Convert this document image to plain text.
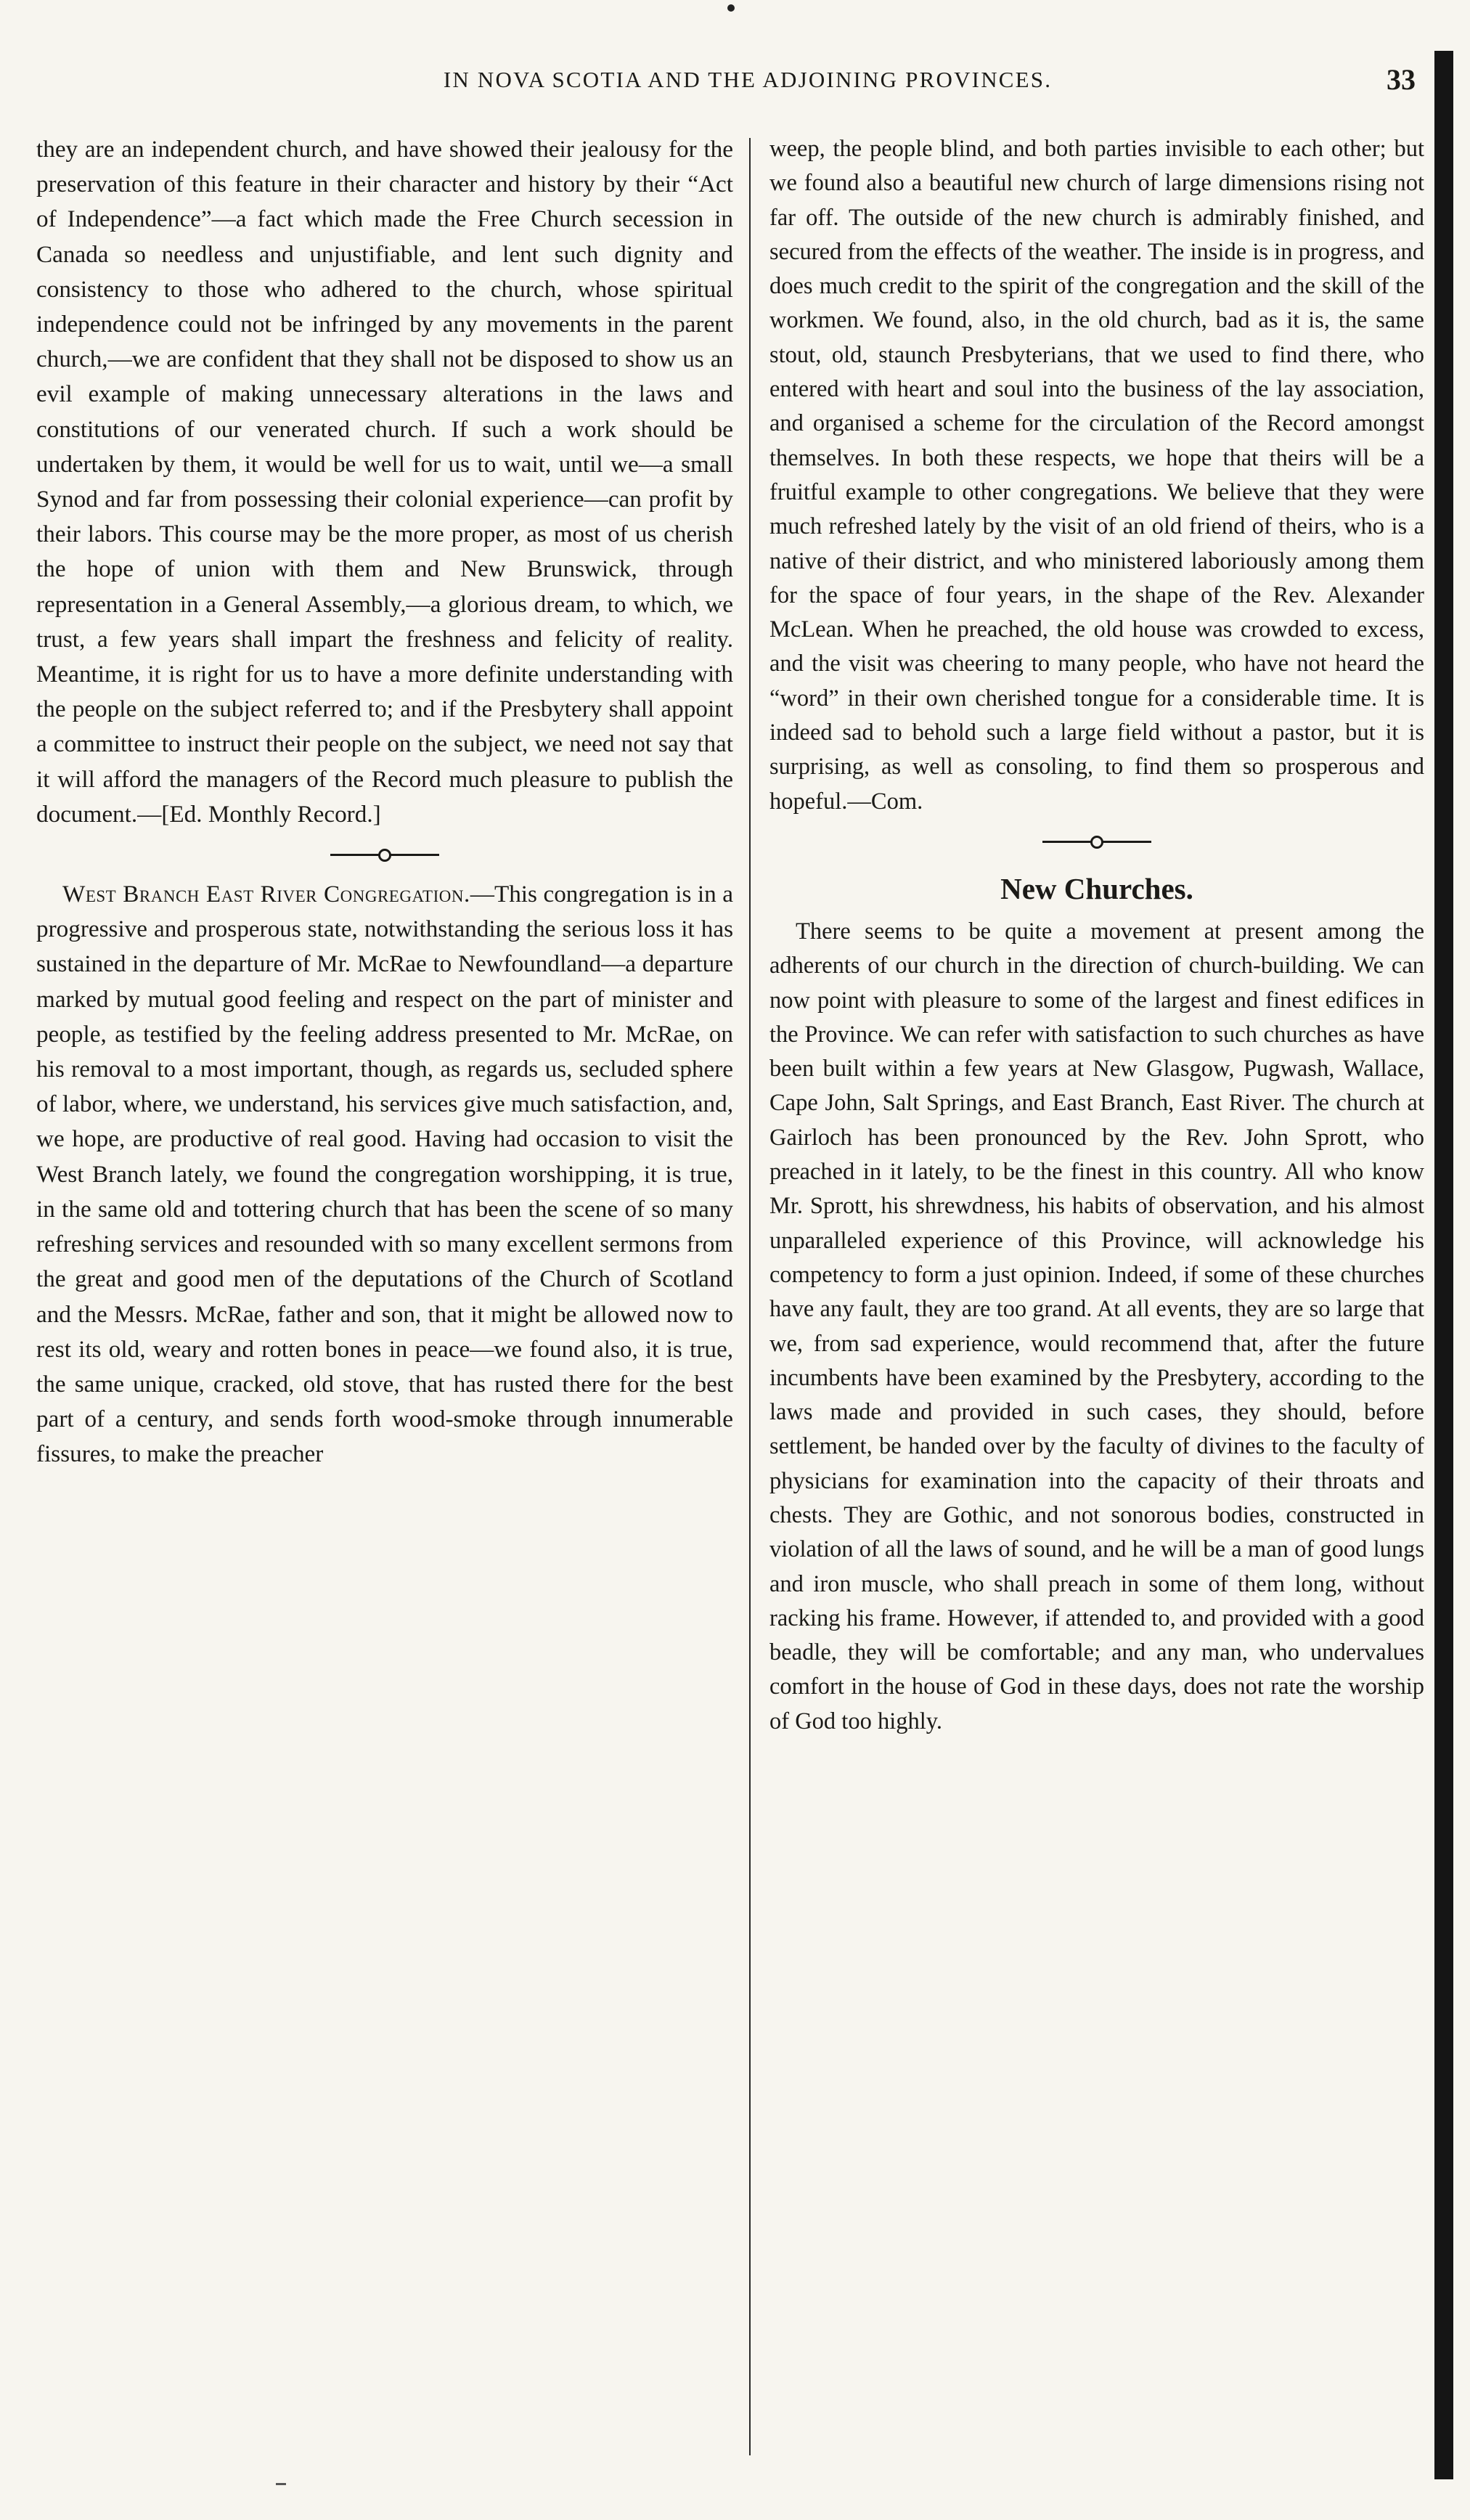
IN NOVA SCOTIA AND THE ADJOINING PROVINCES.	33

they are an independent church, and have showed their jealousy for the preservation of this feature in their character and history by their “Act of Independence”—a fact which made the Free Church secession in Canada so needless and unjustifiable, and lent such dignity and consistency to those who adhered to the church, whose spiritual independence could not be infringed by any movements in the parent church,—we are confident that they shall not be disposed to show us an evil example of making unnecessary alterations in the laws and constitutions of our venerated church. If such a work should be undertaken by them, it would be well for us to wait, until we—a small Synod and far from possessing their colonial experience—can profit by their labors. This course may be the more proper, as most of us cherish the hope of union with them and New Brunswick, through representation in a General Assembly,—a glorious dream, to which, we trust, a few years shall impart the freshness and felicity of reality. Meantime, it is right for us to have a more definite understanding with the people on the subject referred to; and if the Presbytery shall appoint a committee to instruct their people on the subject, we need not say that it will afford the managers of the Record much pleasure to publish the document.—[Ed. Monthly Record.]

West Branch East River Congregation.—This congregation is in a progressive and prosperous state, notwithstanding the serious loss it has sustained in the departure of Mr. McRae to Newfoundland—a departure marked by mutual good feeling and respect on the part of minister and people, as testified by the feeling address presented to Mr. McRae, on his removal to a most important, though, as regards us, secluded sphere of labor, where, we understand, his services give much satisfaction, and, we hope, are productive of real good. Having had occasion to visit the West Branch lately, we found the congregation worshipping, it is true, in the same old and tottering church that has been the scene of so many refreshing services and resounded with so many excellent sermons from the great and good men of the deputations of the Church of Scotland and the Messrs. McRae, father and son, that it might be allowed now to rest its old, weary and rotten bones in peace—we found also, it is true, the same unique, cracked, old stove, that has rusted there for the best part of a century, and sends forth wood-smoke through innumerable fissures, to make the preacher

weep, the people blind, and both parties invisible to each other; but we found also a beautiful new church of large dimensions rising not far off. The outside of the new church is admirably finished, and secured from the effects of the weather. The inside is in progress, and does much credit to the spirit of the congregation and the skill of the workmen. We found, also, in the old church, bad as it is, the same stout, old, staunch Presbyterians, that we used to find there, who entered with heart and soul into the business of the lay association, and organised a scheme for the circulation of the Record amongst themselves. In both these respects, we hope that theirs will be a fruitful example to other congregations. We believe that they were much refreshed lately by the visit of an old friend of theirs, who is a native of their district, and who ministered laboriously among them for the space of four years, in the shape of the Rev. Alexander McLean. When he preached, the old house was crowded to excess, and the visit was cheering to many people, who have not heard the “word” in their own cherished tongue for a considerable time. It is indeed sad to behold such a large field without a pastor, but it is surprising, as well as consoling, to find them so prosperous and hopeful.—Com.

New Churches.

There seems to be quite a movement at present among the adherents of our church in the direction of church-building. We can now point with pleasure to some of the largest and finest edifices in the Province. We can refer with satisfaction to such churches as have been built within a few years at New Glasgow, Pugwash, Wallace, Cape John, Salt Springs, and East Branch, East River. The church at Gairloch has been pronounced by the Rev. John Sprott, who preached in it lately, to be the finest in this country. All who know Mr. Sprott, his shrewdness, his habits of observation, and his almost unparalleled experience of this Province, will acknowledge his competency to form a just opinion. Indeed, if some of these churches have any fault, they are too grand. At all events, they are so large that we, from sad experience, would recommend that, after the future incumbents have been examined by the Presbytery, according to the laws made and provided in such cases, they should, before settlement, be handed over by the faculty of divines to the faculty of physicians for examination into the capacity of their throats and chests. They are Gothic, and not sonorous bodies, constructed in violation of all the laws of sound, and he will be a man of good lungs and iron muscle, who shall preach in some of them long, without racking his frame. However, if attended to, and provided with a good beadle, they will be comfortable; and any man, who undervalues comfort in the house of God in these days, does not rate the worship of God too highly.
